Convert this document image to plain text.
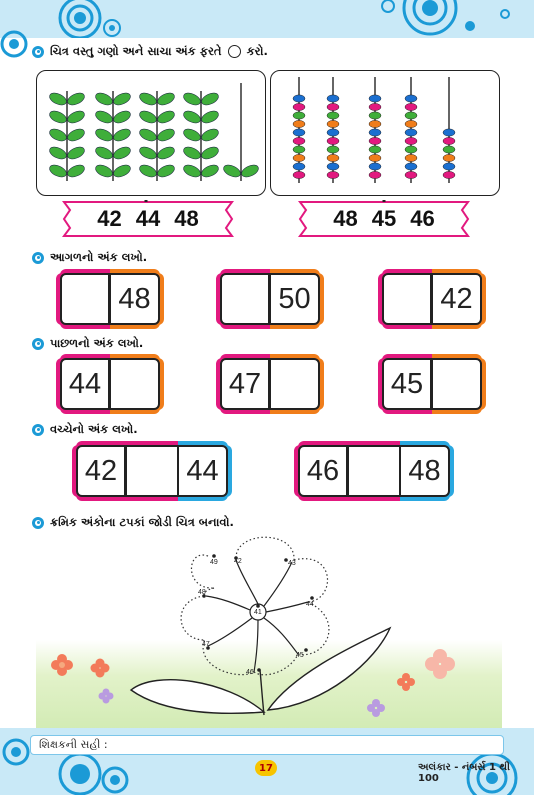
ચિત્ર વસ્તુ ગણો અને સાચા અંક ફરતે કરો.
42 44 48	48 45 46
આગળનો અંક લખો.
48	50	42
પાછળનો અંક લખો.
44	47	45
વચ્ચેનો અંક લખો.
42	44	46	48
ક્રમિક અંકોના ટપકાં જોડી ચિત્ર બનાવો.
41
42	43
44
45
46
47
48
49
શિક્ષકની સહી :
17	અલંકાર - નંબર્સ 1 થી 100
